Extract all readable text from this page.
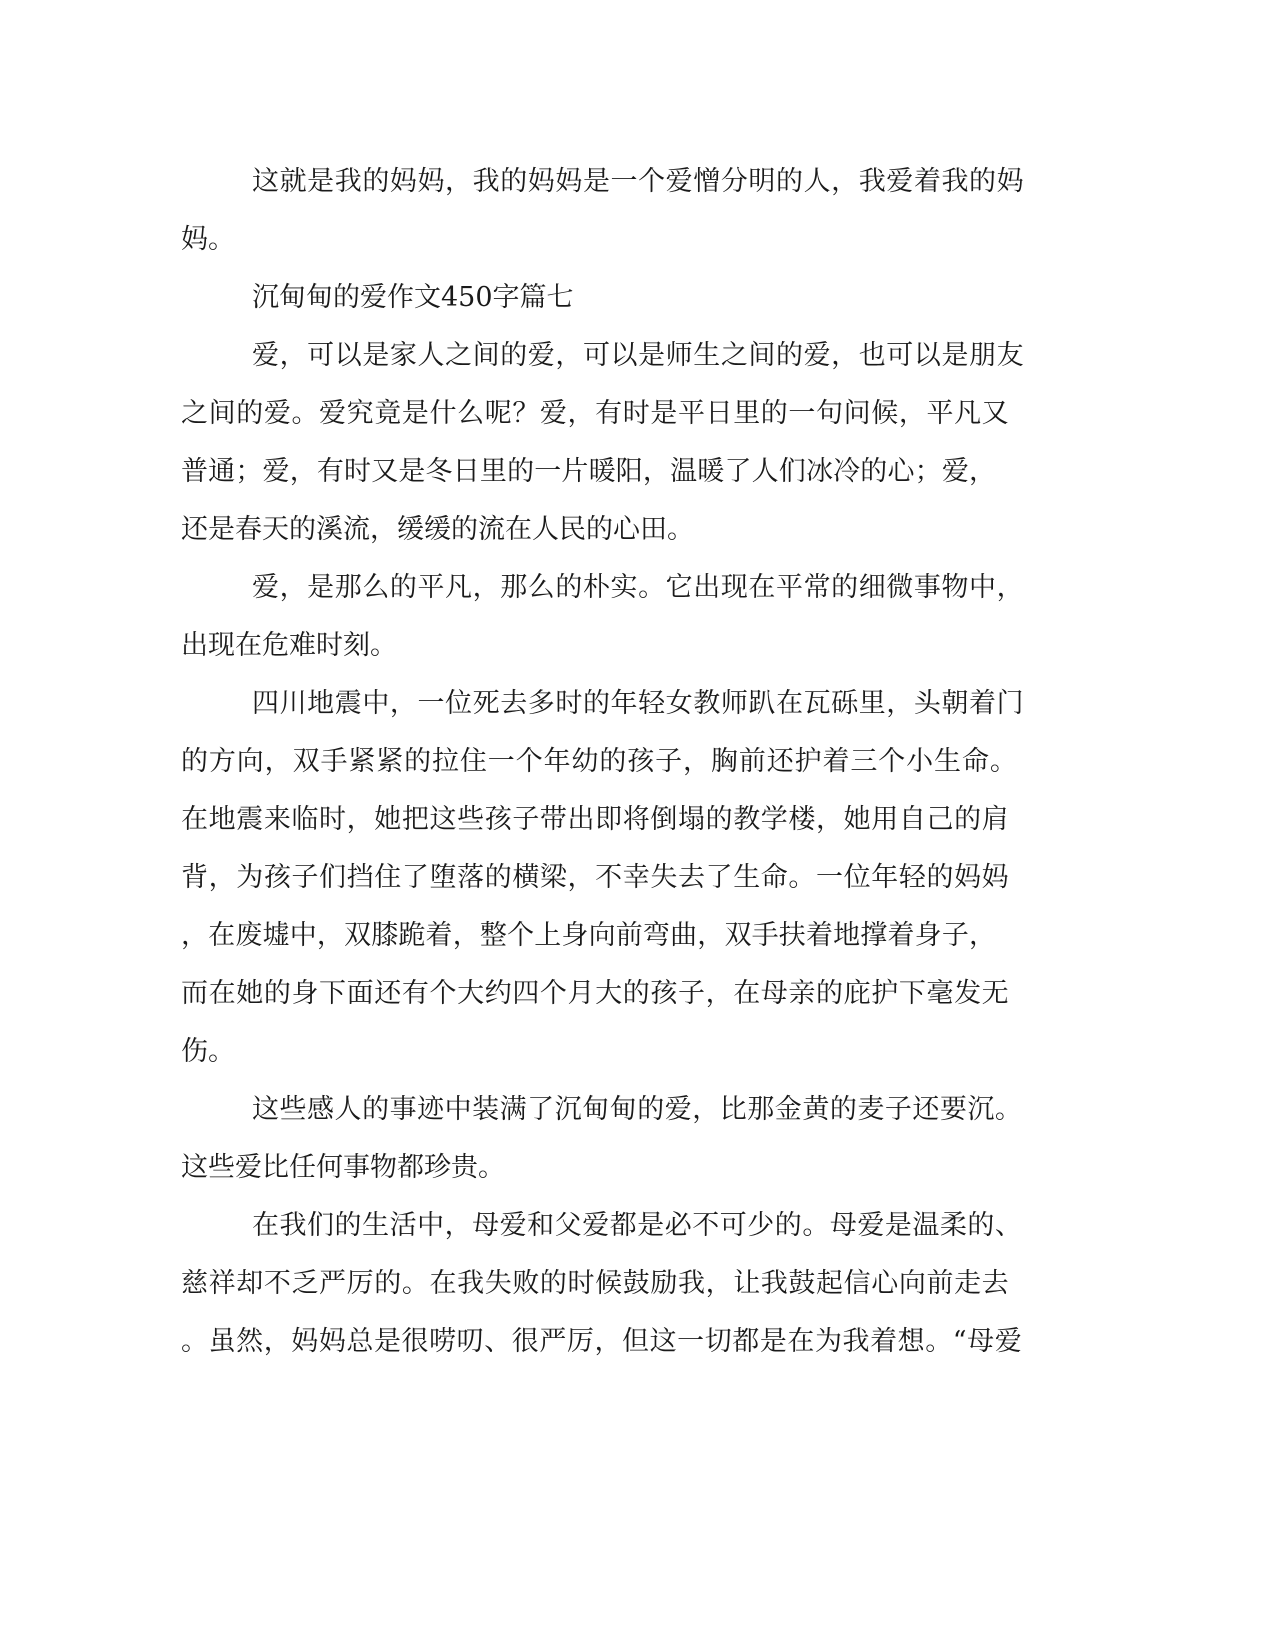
这 就 是 我 的 妈 妈 ， 我 的 妈 妈 是 一 个 爱 憎 分 明 的 人 ， 我 爱 着 我 的 妈
妈。
沉甸甸的爱作文450字篇七
爱 ， 可 以 是 家 人 之 间 的 爱 ， 可 以 是 师 生 之 间 的 爱 ， 也 可 以 是 朋 友
之 间 的 爱 。 爱 究 竟 是 什 么 呢 ？ 爱 ， 有 时 是 平 日 里 的 一 句 问 候 ， 平 凡 又
普 通 ； 爱 ， 有 时 又 是 冬 日 里 的 一 片 暖 阳 ， 温 暖 了 人 们 冰 冷 的 心 ； 爱 ，
还是春天的溪流，缓缓的流在人民的心田。
爱 ， 是 那 么 的 平 凡 ， 那 么 的 朴 实 。 它 出 现 在 平 常 的 细 微 事 物 中 ，
出现在危难时刻。
四 川 地 震 中 ， 一 位 死 去 多 时 的 年 轻 女 教 师 趴 在 瓦 砾 里 ， 头 朝 着 门
的 方 向 ， 双 手 紧 紧 的 拉 住 一 个 年 幼 的 孩 子 ， 胸 前 还 护 着 三 个 小 生 命 。
在 地 震 来 临 时 ， 她 把 这 些 孩 子 带 出 即 将 倒 塌 的 教 学 楼 ， 她 用 自 己 的 肩
背 ， 为 孩 子 们 挡 住 了 堕 落 的 横 梁 ， 不 幸 失 去 了 生 命 。 一 位 年 轻 的 妈 妈
， 在 废 墟 中 ， 双 膝 跪 着 ， 整 个 上 身 向 前 弯 曲 ， 双 手 扶 着 地 撑 着 身 子 ，
而 在 她 的 身 下 面 还 有 个 大 约 四 个 月 大 的 孩 子 ， 在 母 亲 的 庇 护 下 毫 发 无
伤。
这 些 感 人 的 事 迹 中 装 满 了 沉 甸 甸 的 爱 ， 比 那 金 黄 的 麦 子 还 要 沉 。
这些爱比任何事物都珍贵。
在 我 们 的 生 活 中 ， 母 爱 和 父 爱 都 是 必 不 可 少 的 。 母 爱 是 温 柔 的 、
慈 祥 却 不 乏 严 厉 的 。 在 我 失 败 的 时 候 鼓 励 我 ， 让 我 鼓 起 信 心 向 前 走 去
。 虽 然 ， 妈 妈 总 是 很 唠 叨 、 很 严 厉 ， 但 这 一 切 都 是 在 为 我 着 想 。 “ 母 爱
